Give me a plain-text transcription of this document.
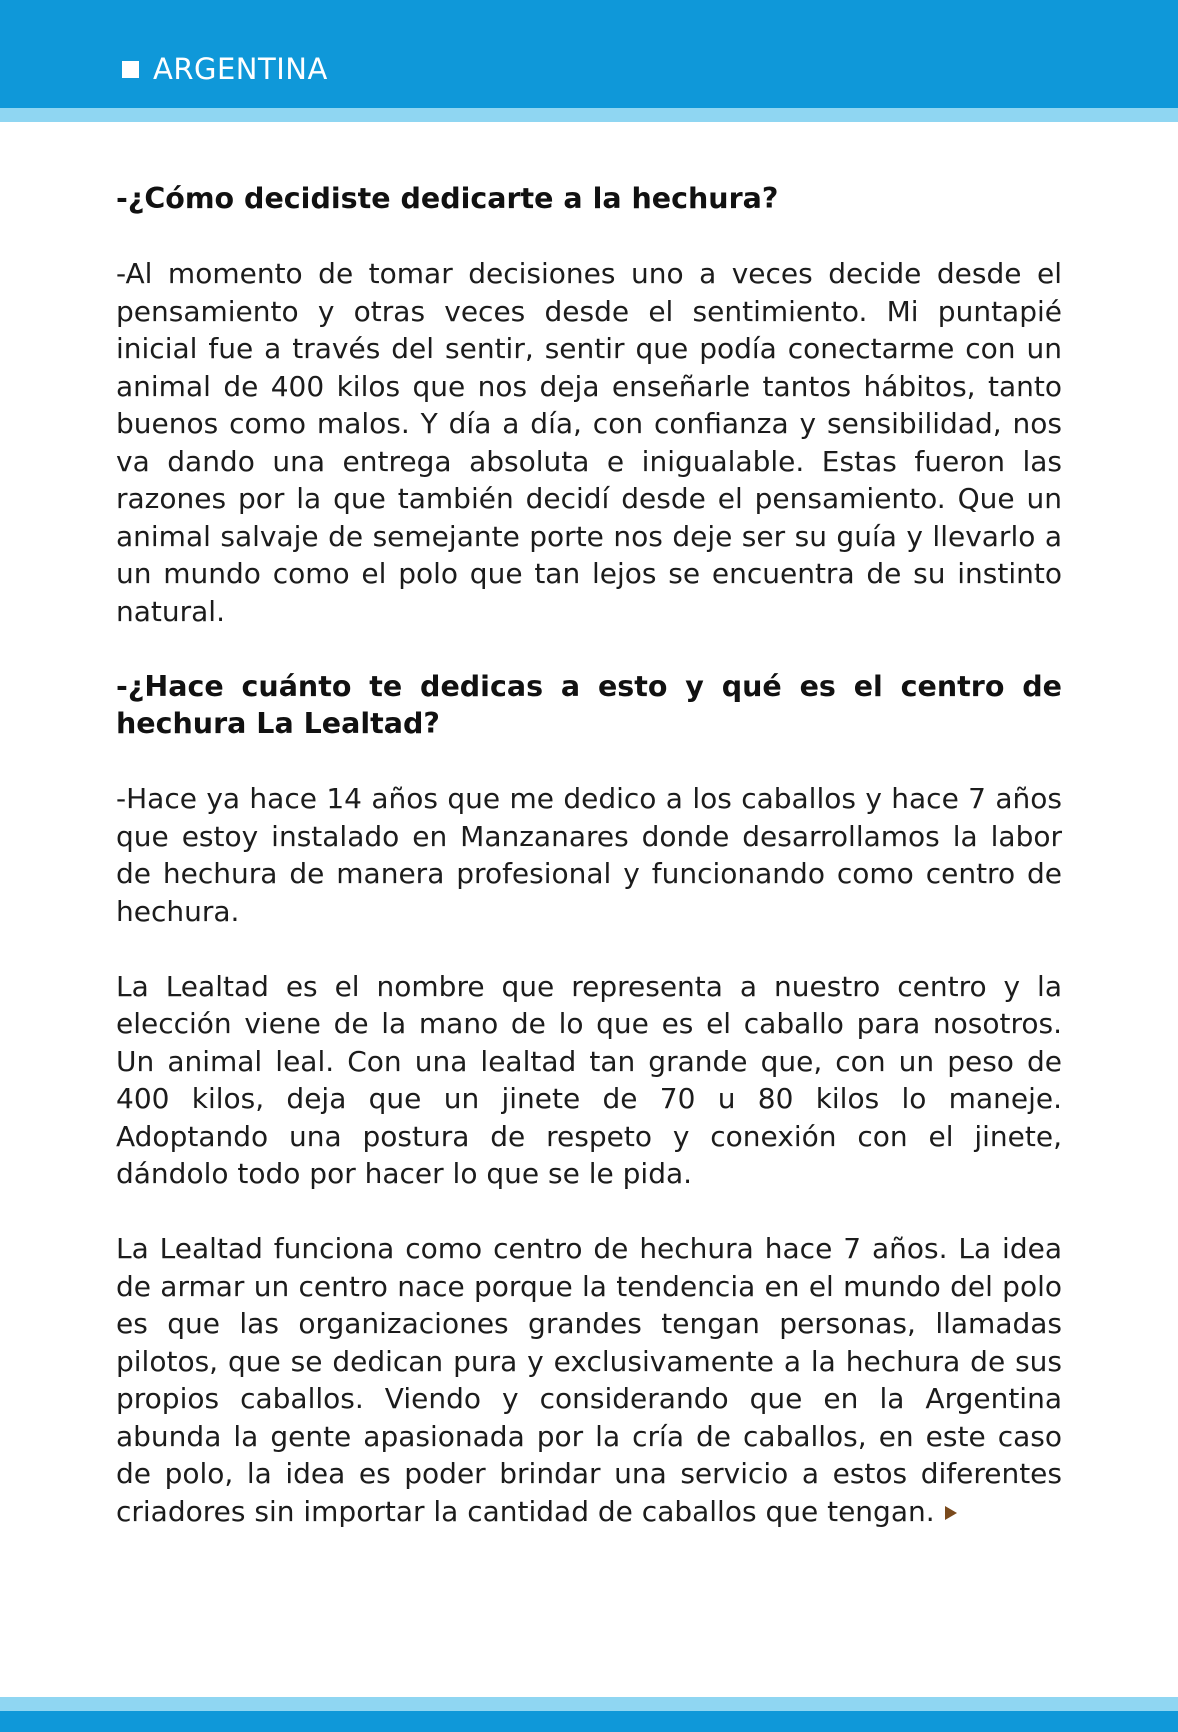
ARGENTINA

-¿Cómo decidiste dedicarte a la hechura?

-Al momento de tomar decisiones uno a veces decide desde el pensamiento y otras veces desde el sentimiento. Mi puntapié inicial fue a través del sentir, sentir que podía conectarme con un animal de 400 kilos que nos deja enseñarle tantos hábitos, tanto buenos como malos. Y día a día, con confianza y sensibilidad, nos va dando una entrega absoluta e inigualable. Estas fueron las razones por la que también decidí desde el pensamiento. Que un animal salvaje de semejante porte nos deje ser su guía y llevarlo a un mundo como el polo que tan lejos se encuentra de su instinto natural.

-¿Hace cuánto te dedicas a esto y qué es el centro de hechura La Lealtad?

-Hace ya hace 14 años que me dedico a los caballos y hace 7 años que estoy instalado en Manzanares donde desarrollamos la labor de hechura de manera profesional y funcionando como centro de hechura.

La Lealtad es el nombre que representa a nuestro centro y la elección viene de la mano de lo que es el caballo para nosotros. Un animal leal. Con una lealtad tan grande que, con un peso de 400 kilos, deja que un jinete de 70 u 80 kilos lo maneje. Adoptando una postura de respeto y conexión con el jinete, dándolo todo por hacer lo que se le pida.

La Lealtad funciona como centro de hechura hace 7 años. La idea de armar un centro nace porque la tendencia en el mundo del polo es que las organizaciones grandes tengan personas, llamadas pilotos, que se dedican pura y exclusivamente a la hechura de sus propios caballos. Viendo y considerando que en la Argentina abunda la gente apasionada por la cría de caballos, en este caso de polo, la idea es poder brindar una servicio a estos diferentes criadores sin importar la cantidad de caballos que tengan.
